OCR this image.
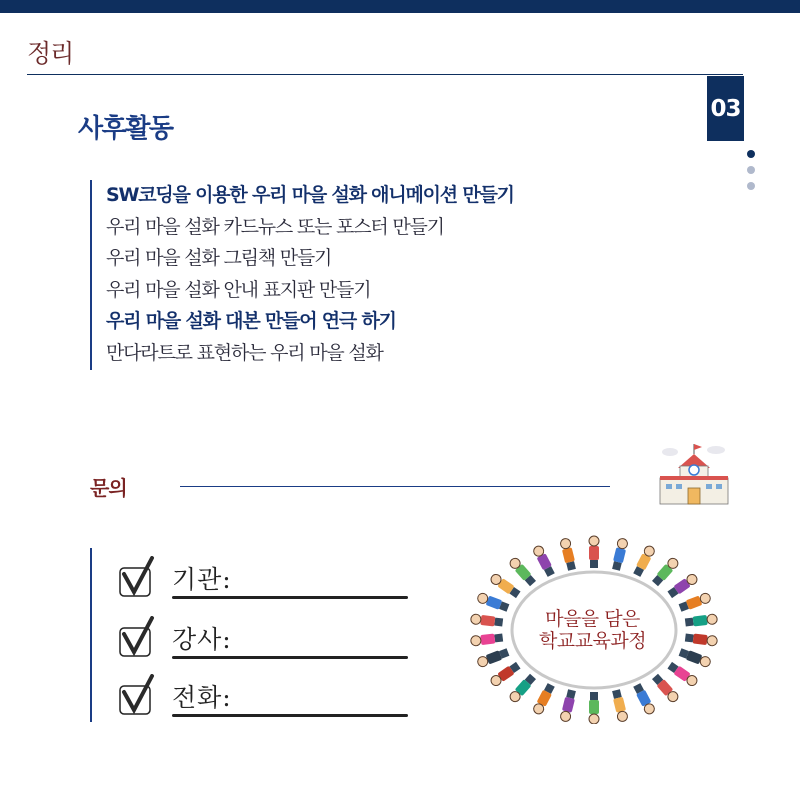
정리
03
사후활동
SW코딩을 이용한 우리 마을 설화 애니메이션 만들기
우리 마을 설화 카드뉴스 또는 포스터 만들기
우리 마을 설화 그림책 만들기
우리 마을 설화 안내 표지판 만들기
우리 마을 설화 대본 만들어 연극 하기
만다라트로 표현하는 우리 마을 설화
문의
기관:
강사:
전화:
마을을 담은
학교교육과정
